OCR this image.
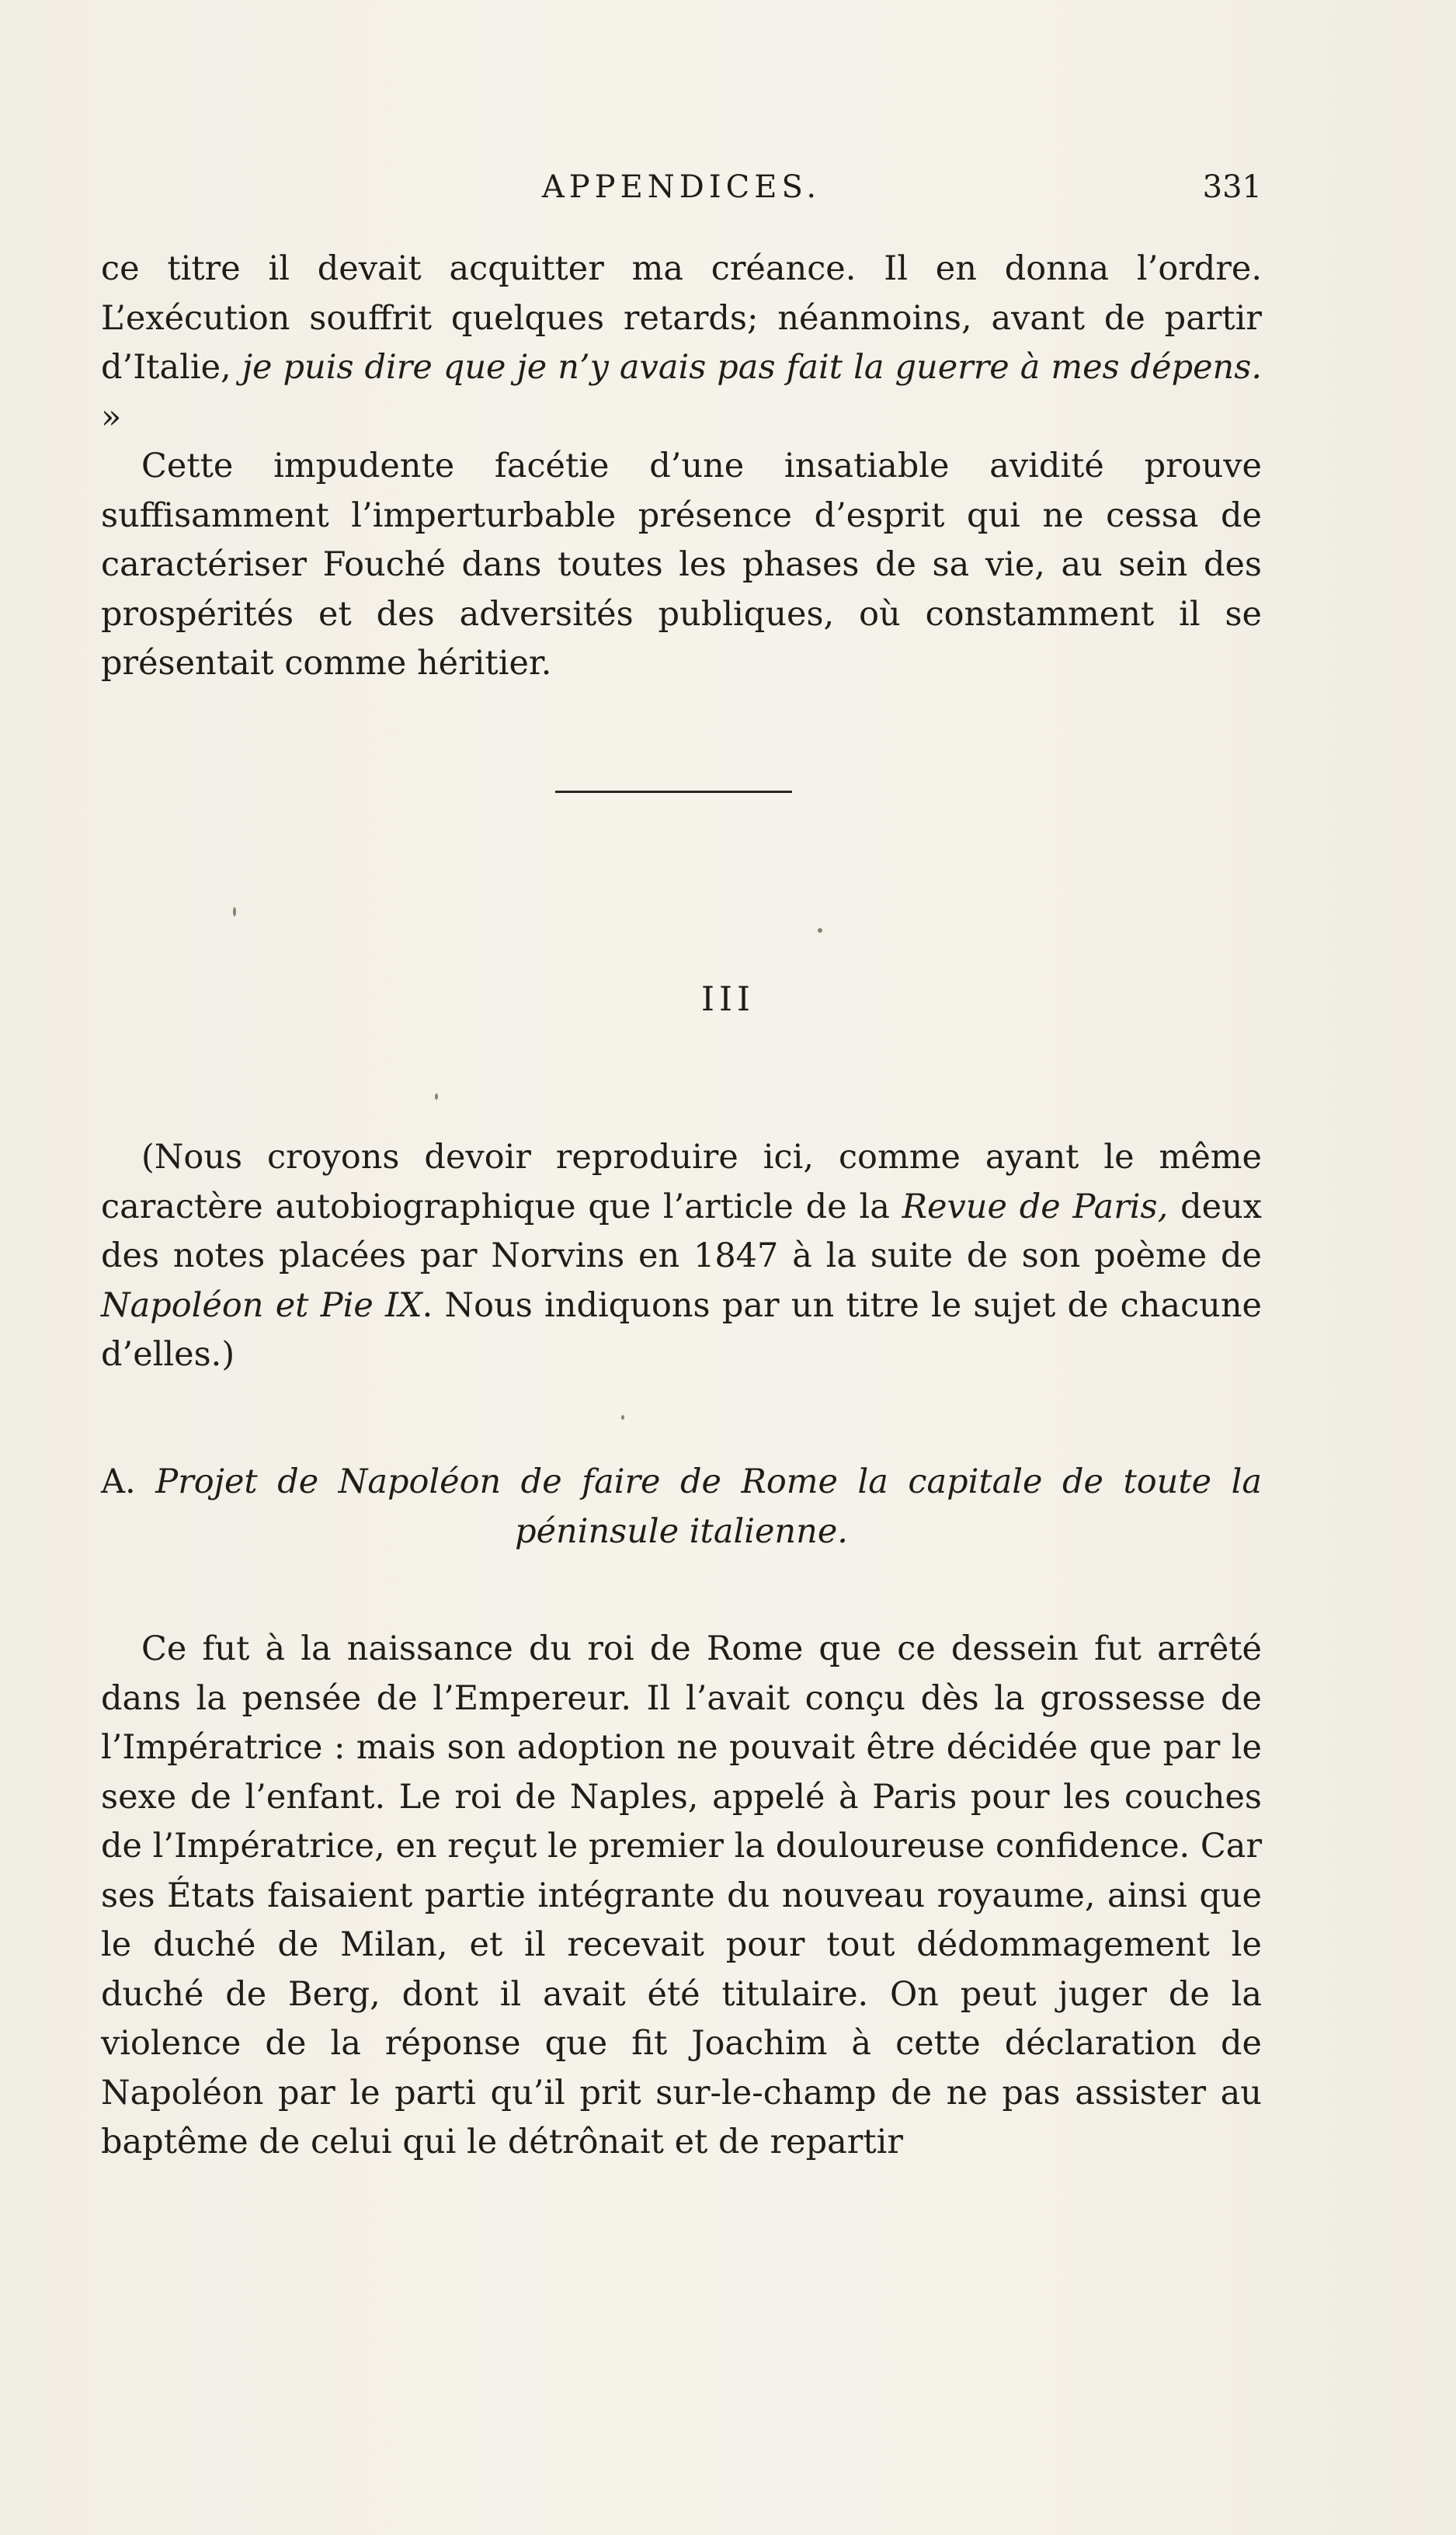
APPENDICES.	331

ce titre il devait acquitter ma créance. Il en donna l’ordre. L’exécution souffrit quelques retards; néanmoins, avant de partir d’Italie, je puis dire que je n’y avais pas fait la guerre à mes dépens. »

Cette impudente facétie d’une insatiable avidité prouve suffisamment l’imperturbable présence d’esprit qui ne cessa de caractériser Fouché dans toutes les phases de sa vie, au sein des prospérités et des adversités publiques, où constamment il se présentait comme héritier.

III

(Nous croyons devoir reproduire ici, comme ayant le même caractère autobiographique que l’article de la Revue de Paris, deux des notes placées par Norvins en 1847 à la suite de son poème de Napoléon et Pie IX. Nous indiquons par un titre le sujet de chacune d’elles.)

A. Projet de Napoléon de faire de Rome la capitale de toute la péninsule italienne.

Ce fut à la naissance du roi de Rome que ce dessein fut arrêté dans la pensée de l’Empereur. Il l’avait conçu dès la grossesse de l’Impératrice : mais son adoption ne pouvait être décidée que par le sexe de l’enfant. Le roi de Naples, appelé à Paris pour les couches de l’Impératrice, en reçut le premier la douloureuse confidence. Car ses États faisaient partie intégrante du nouveau royaume, ainsi que le duché de Milan, et il recevait pour tout dédommagement le duché de Berg, dont il avait été titulaire. On peut juger de la violence de la réponse que fit Joachim à cette déclaration de Napoléon par le parti qu’il prit sur-le-champ de ne pas assister au baptême de celui qui le détrônait et de repartir
